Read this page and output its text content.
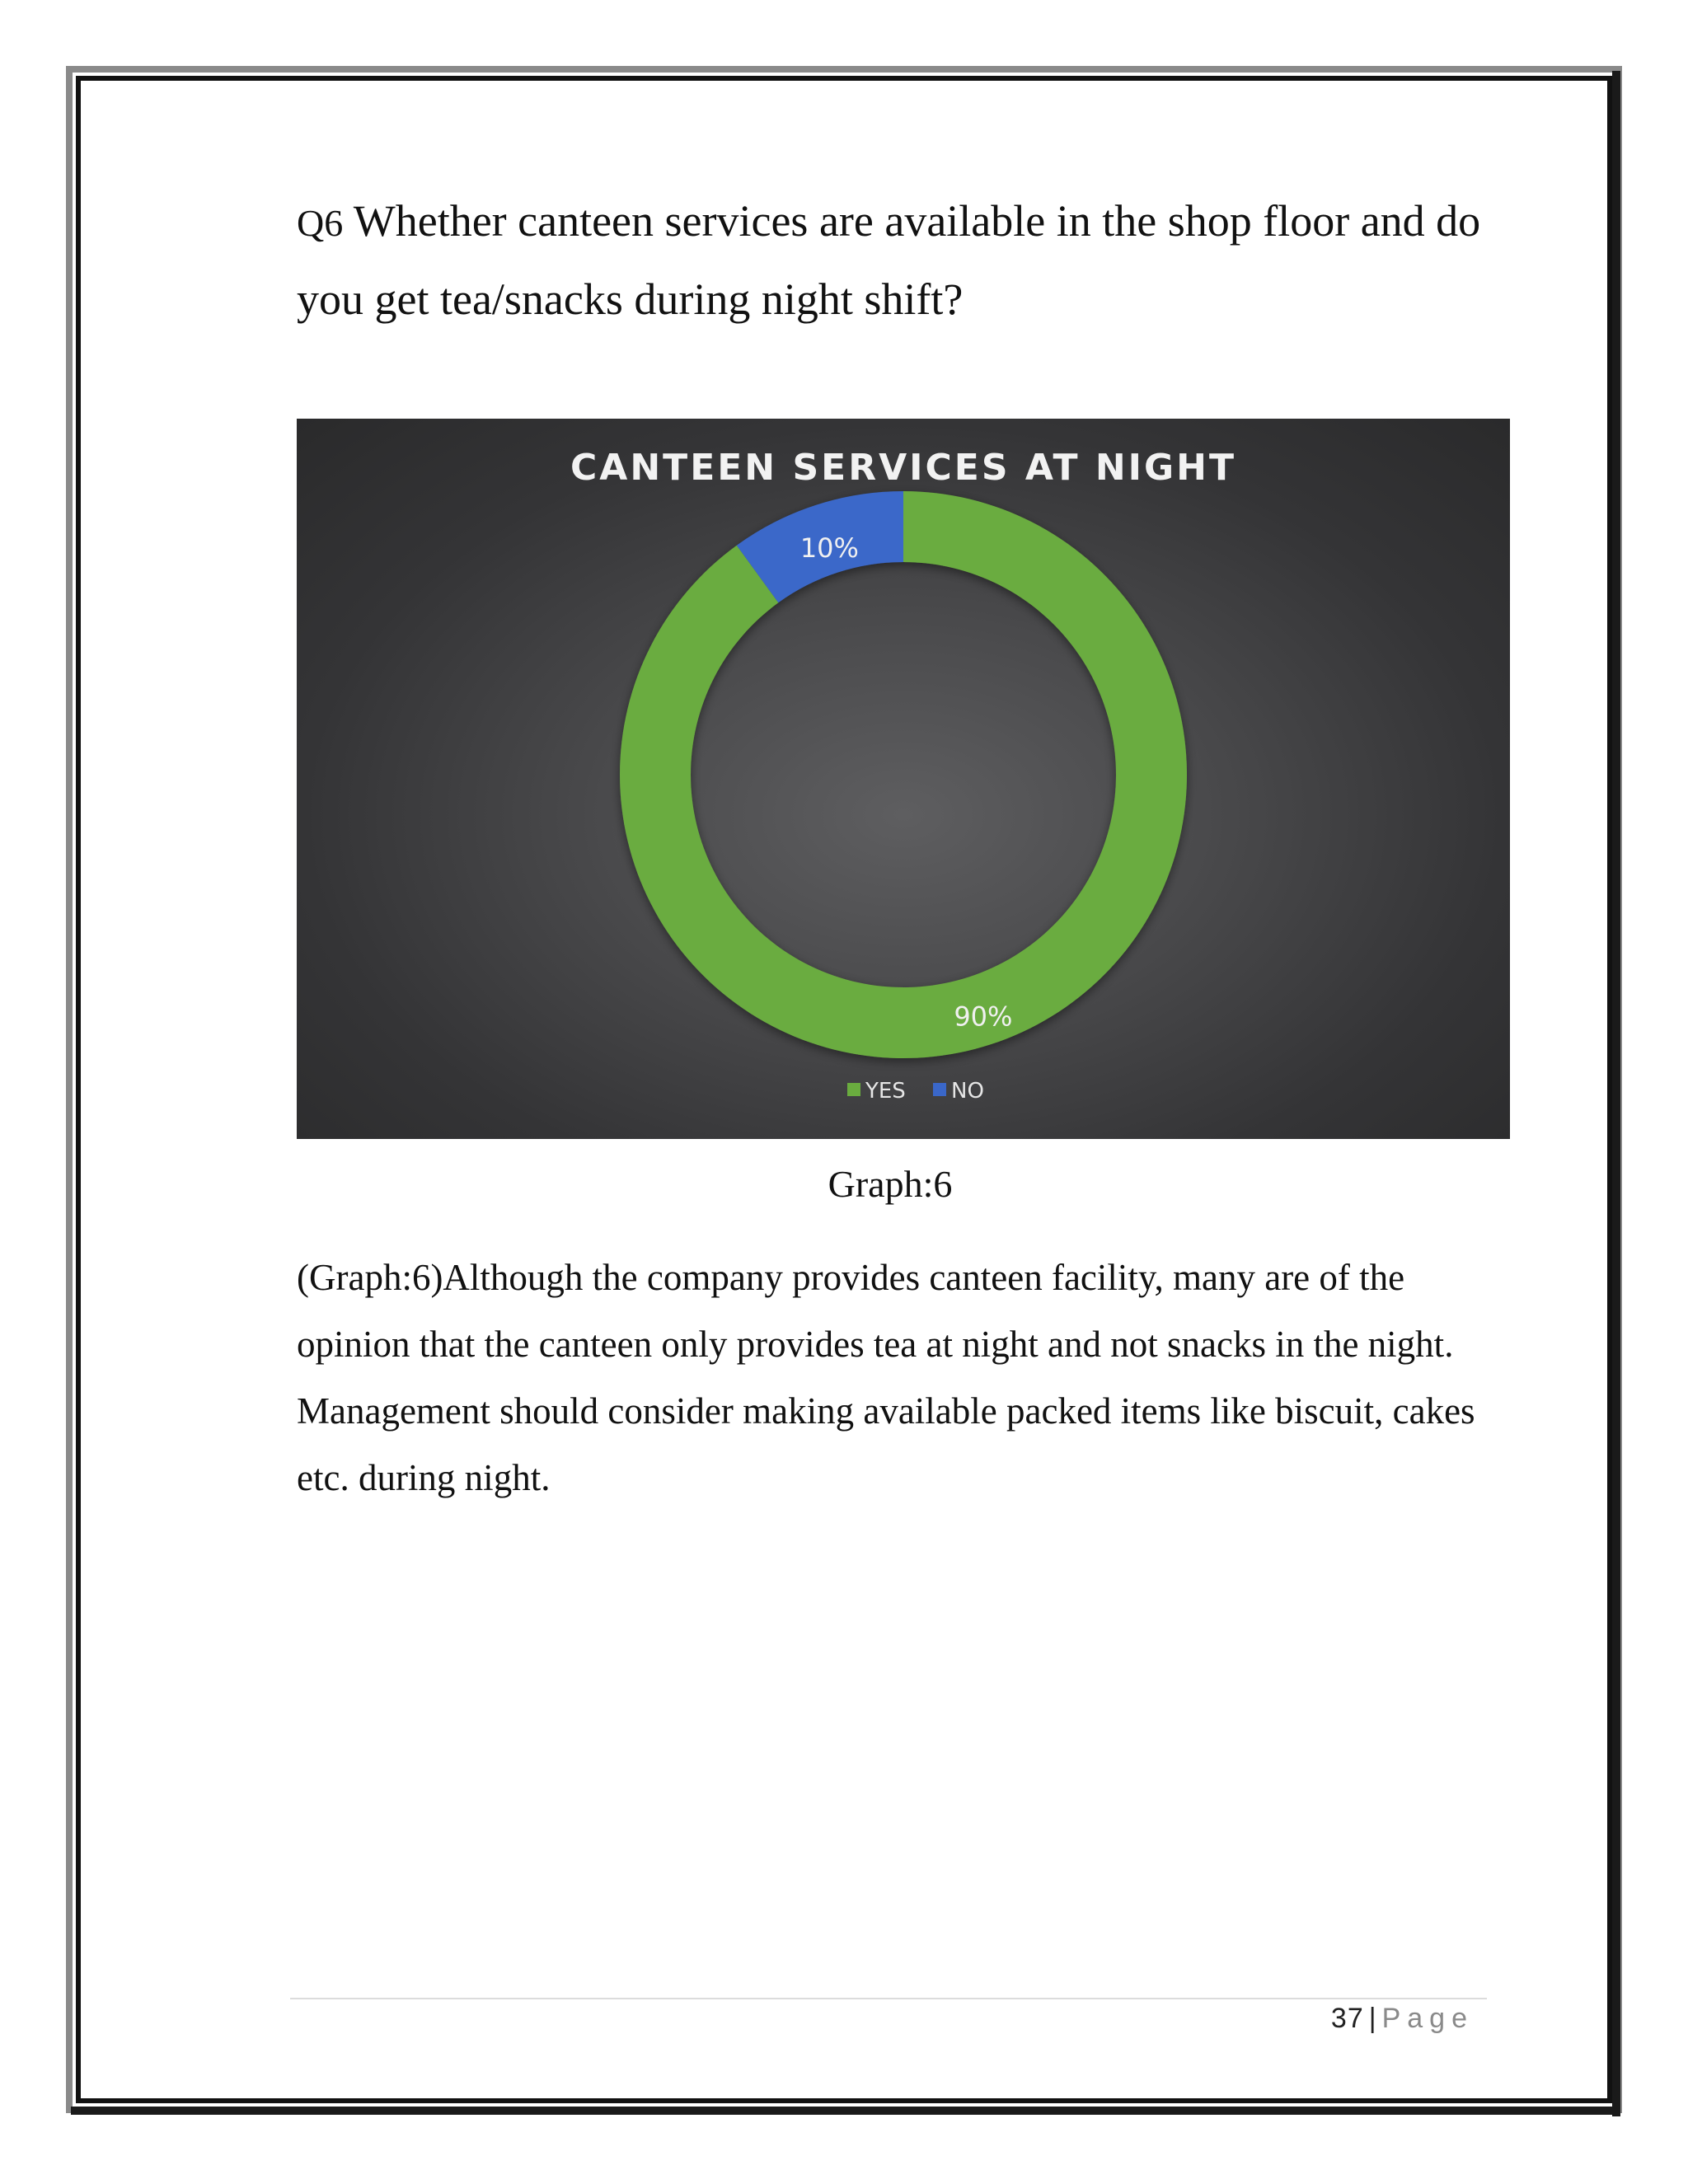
Q6 Whether canteen services are available in the shop floor and do you get tea/snacks during night shift?
CANTEEN SERVICES AT NIGHT
90%
10%
YES NO
Graph:6
(Graph:6)Although the company provides canteen facility, many are of the opinion that the canteen only provides tea at night and not snacks in the night. Management should consider making available packed items like biscuit, cakes etc. during night.
37 | Page
